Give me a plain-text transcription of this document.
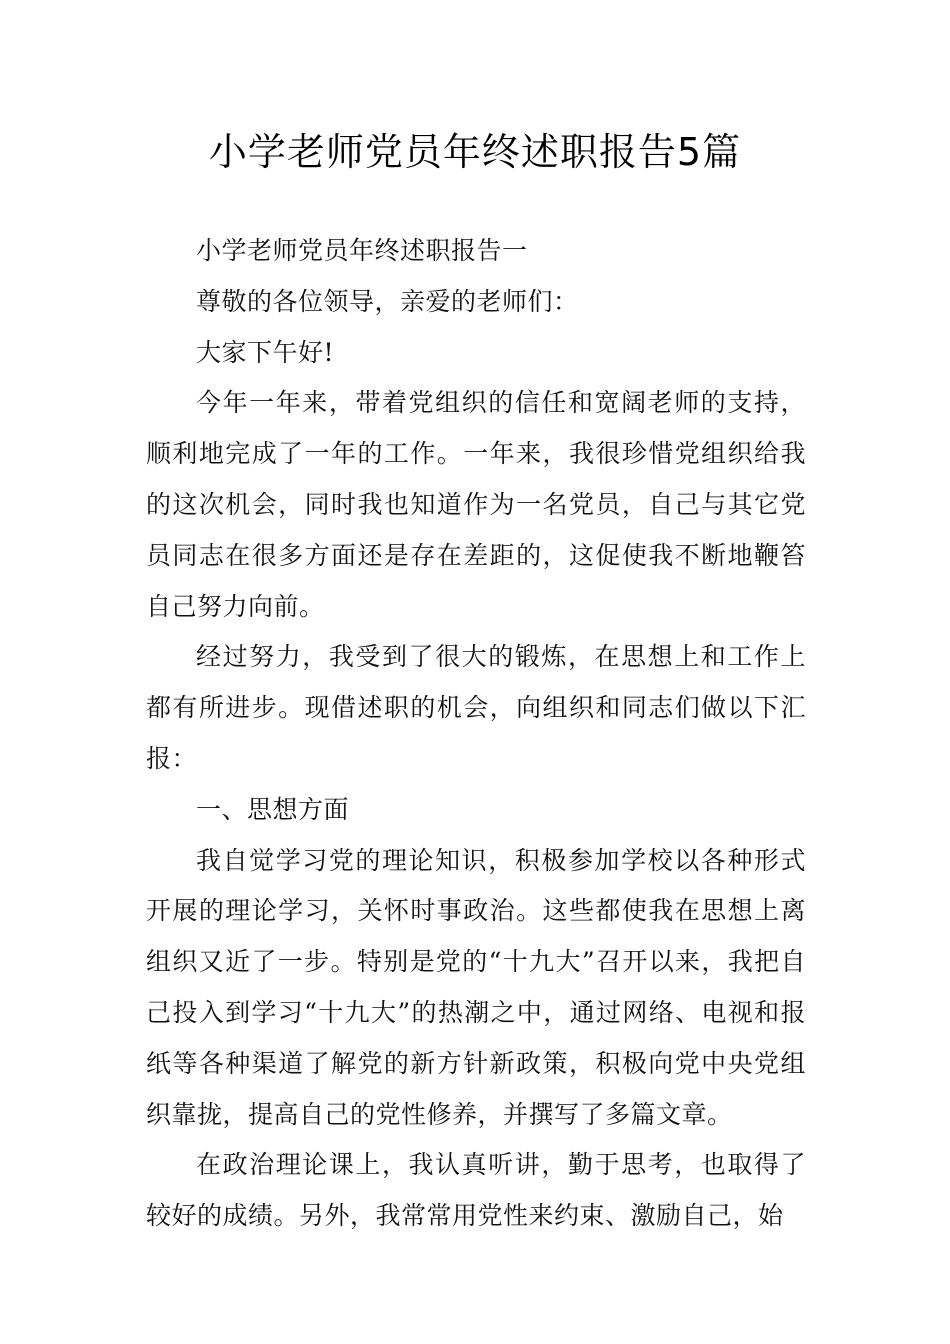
小学老师党员年终述职报告5篇

小学老师党员年终述职报告一

尊敬的各位领导，亲爱的老师们：

大家下午好!

今年一年来，带着党组织的信任和宽阔老师的支持，顺利地完成了一年的工作。一年来，我很珍惜党组织给我的这次机会，同时我也知道作为一名党员，自己与其它党员同志在很多方面还是存在差距的，这促使我不断地鞭笞自己努力向前。

经过努力，我受到了很大的锻炼，在思想上和工作上都有所进步。现借述职的机会，向组织和同志们做以下汇报：

一、思想方面

我自觉学习党的理论知识，积极参加学校以各种形式开展的理论学习，关怀时事政治。这些都使我在思想上离组织又近了一步。特别是党的“十九大”召开以来，我把自己投入到学习“十九大”的热潮之中，通过网络、电视和报纸等各种渠道了解党的新方针新政策，积极向党中央党组织靠拢，提高自己的党性修养，并撰写了多篇文章。

在政治理论课上，我认真听讲，勤于思考，也取得了较好的成绩。另外，我常常用党性来约束、激励自己，始
